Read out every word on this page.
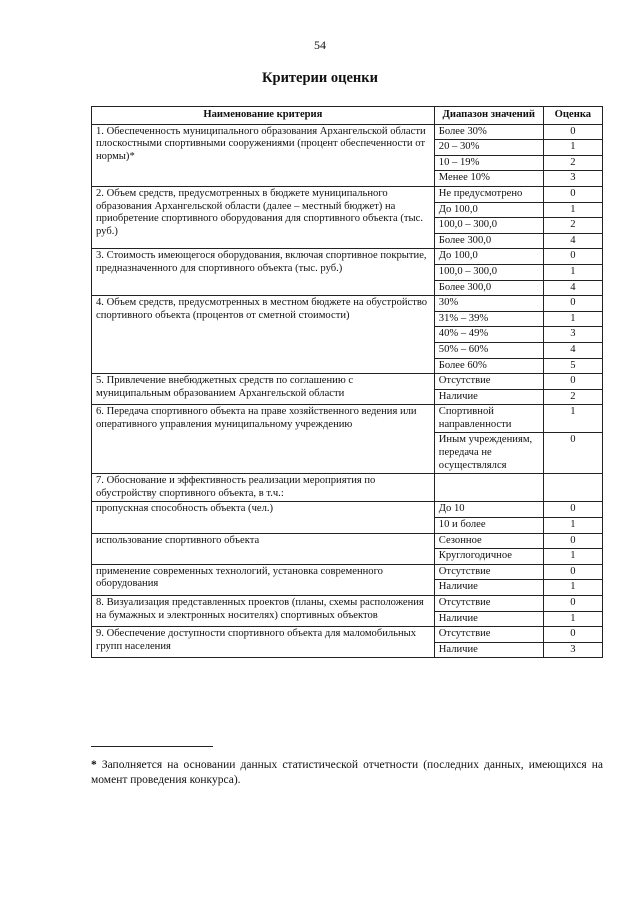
54
Критерии оценки
Наименование критерия	Диапазон значений	Оценка
1. Обеспеченность муниципального образования Архангельской области плоскостными спортивными сооружениями (процент обеспеченности от нормы)*	Более 30%	0
	20 – 30%	1
	10 – 19%	2
	Менее 10%	3
2. Объем средств, предусмотренных в бюджете муниципального образования Архангельской области (далее – местный бюджет) на приобретение спортивного оборудования для спортивного объекта (тыс. руб.)	Не предусмотрено	0
	До 100,0	1
	100,0 – 300,0	2
	Более 300,0	4
3. Стоимость имеющегося оборудования, включая спортивное покрытие, предназначенного для спортивного объекта (тыс. руб.)	До 100,0	0
	100,0 – 300,0	1
	Более 300,0	4
4. Объем средств, предусмотренных в местном бюджете на обустройство спортивного объекта (процентов от сметной стоимости)	30%	0
	31% – 39%	1
	40% – 49%	3
	50% – 60%	4
	Более 60%	5
5. Привлечение внебюджетных средств по соглашению с муниципальным образованием Архангельской области	Отсутствие	0
	Наличие	2
6. Передача спортивного объекта на праве хозяйственного ведения или оперативного управления муниципальному учреждению	Спортивной направленности	1
	Иным учреждениям, передача не осуществлялся	0
7. Обоснование и эффективность реализации мероприятия по обустройству спортивного объекта, в т.ч.:		
пропускная способность объекта (чел.)	До 10	0
	10 и более	1
использование спортивного объекта	Сезонное	0
	Круглогодичное	1
применение современных технологий, установка современного оборудования	Отсутствие	0
	Наличие	1
8. Визуализация представленных проектов (планы, схемы расположения на бумажных и электронных носителях) спортивных объектов	Отсутствие	0
	Наличие	1
9. Обеспечение доступности спортивного объекта для маломобильных групп населения	Отсутствие	0
	Наличие	3
* Заполняется на основании данных статистической отчетности (последних данных, имеющихся на момент проведения конкурса).
